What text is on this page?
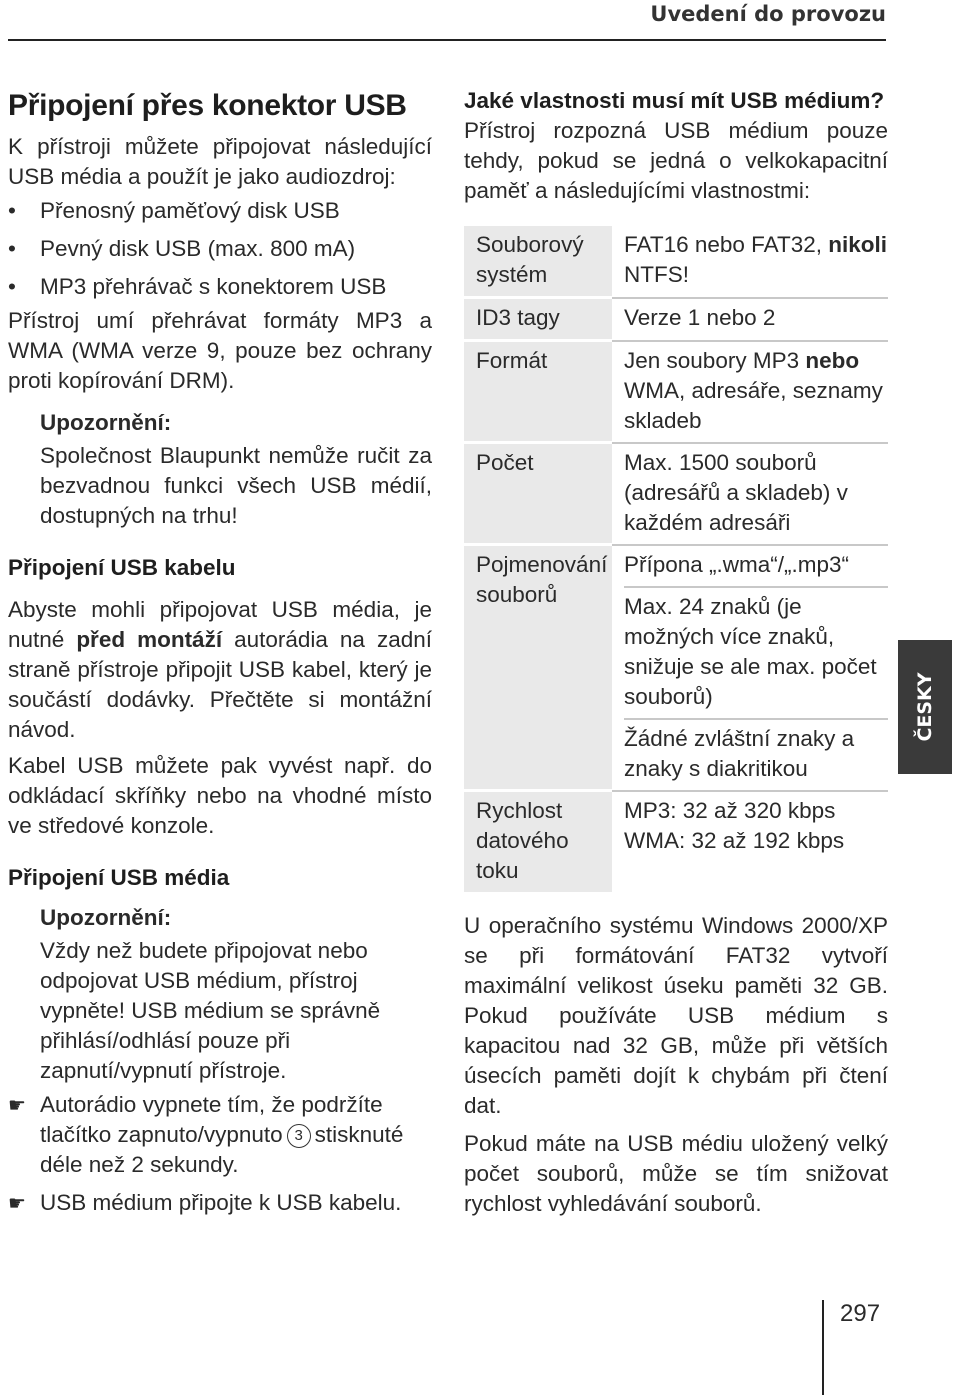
Uvedení do provozu
Připojení přes konektor USB

K přístroji můžete připojovat následující USB média a použít je jako audiozdroj:

• Přenosný paměťový disk USB
• Pevný disk USB (max. 800 mA)
• MP3 přehrávač s konektorem USB

Přístroj umí přehrávat formáty MP3 a WMA (WMA verze 9, pouze bez ochrany proti kopírování DRM).

Upozornění:

Společnost Blaupunkt nemůže ručit za bezvadnou funkci všech USB médií, dostupných na trhu!

Připojení USB kabelu

Abyste mohli připojovat USB média, je nutné před montáží autorádia na zadní straně přístroje připojit USB kabel, který je součástí dodávky. Přečtěte si montážní návod.

Kabel USB můžete pak vyvést např. do odkládací skříňky nebo na vhodné místo ve středové konzole.

Připojení USB média
Upozornění:

Vždy než budete připojovat nebo odpojovat USB médium, přístroj vypněte! USB médium se správně přihlásí/odhlásí pouze při zapnutí/vypnutí přístroje.

☛ Autorádio vypnete tím, že podržíte tlačítko zapnuto/vypnuto 3 stisknuté déle než 2 sekundy.

☛ USB médium připojte k USB kabelu.

Jaké vlastnosti musí mít USB médium?

Přístroj rozpozná USB médium pouze tehdy, pokud se jedná o velkokapacitní paměť a následujícími vlastnostmi:

Souborový systém	FAT16 nebo FAT32, nikoli NTFS!
ID3 tagy	Verze 1 nebo 2
Formát	Jen soubory MP3 nebo WMA, adresáře, seznamy skladeb
Počet	Max. 1500 souborů (adresářů a skladeb) v každém adresáři
Pojmenování souborů	Přípona „.wma“/„.mp3“
Max. 24 znaků (je možných více znaků, snižuje se ale max. počet souborů)
Žádné zvláštní znaky a znaky s diakritikou

Rychlost datového toku	MP3: 32 až 320 kbps
WMA: 32 až 192 kbps

U operačního systému Windows 2000/XP se při formátování FAT32 vytvoří maximální velikost úseku paměti 32 GB. Pokud používáte USB médium s kapacitou nad 32 GB, může při větších úsecích paměti dojít k chybám při čtení dat.

Pokud máte na USB médiu uložený velký počet souborů, může se tím snižovat rychlost vyhledávání souborů.

ČESKY
297
